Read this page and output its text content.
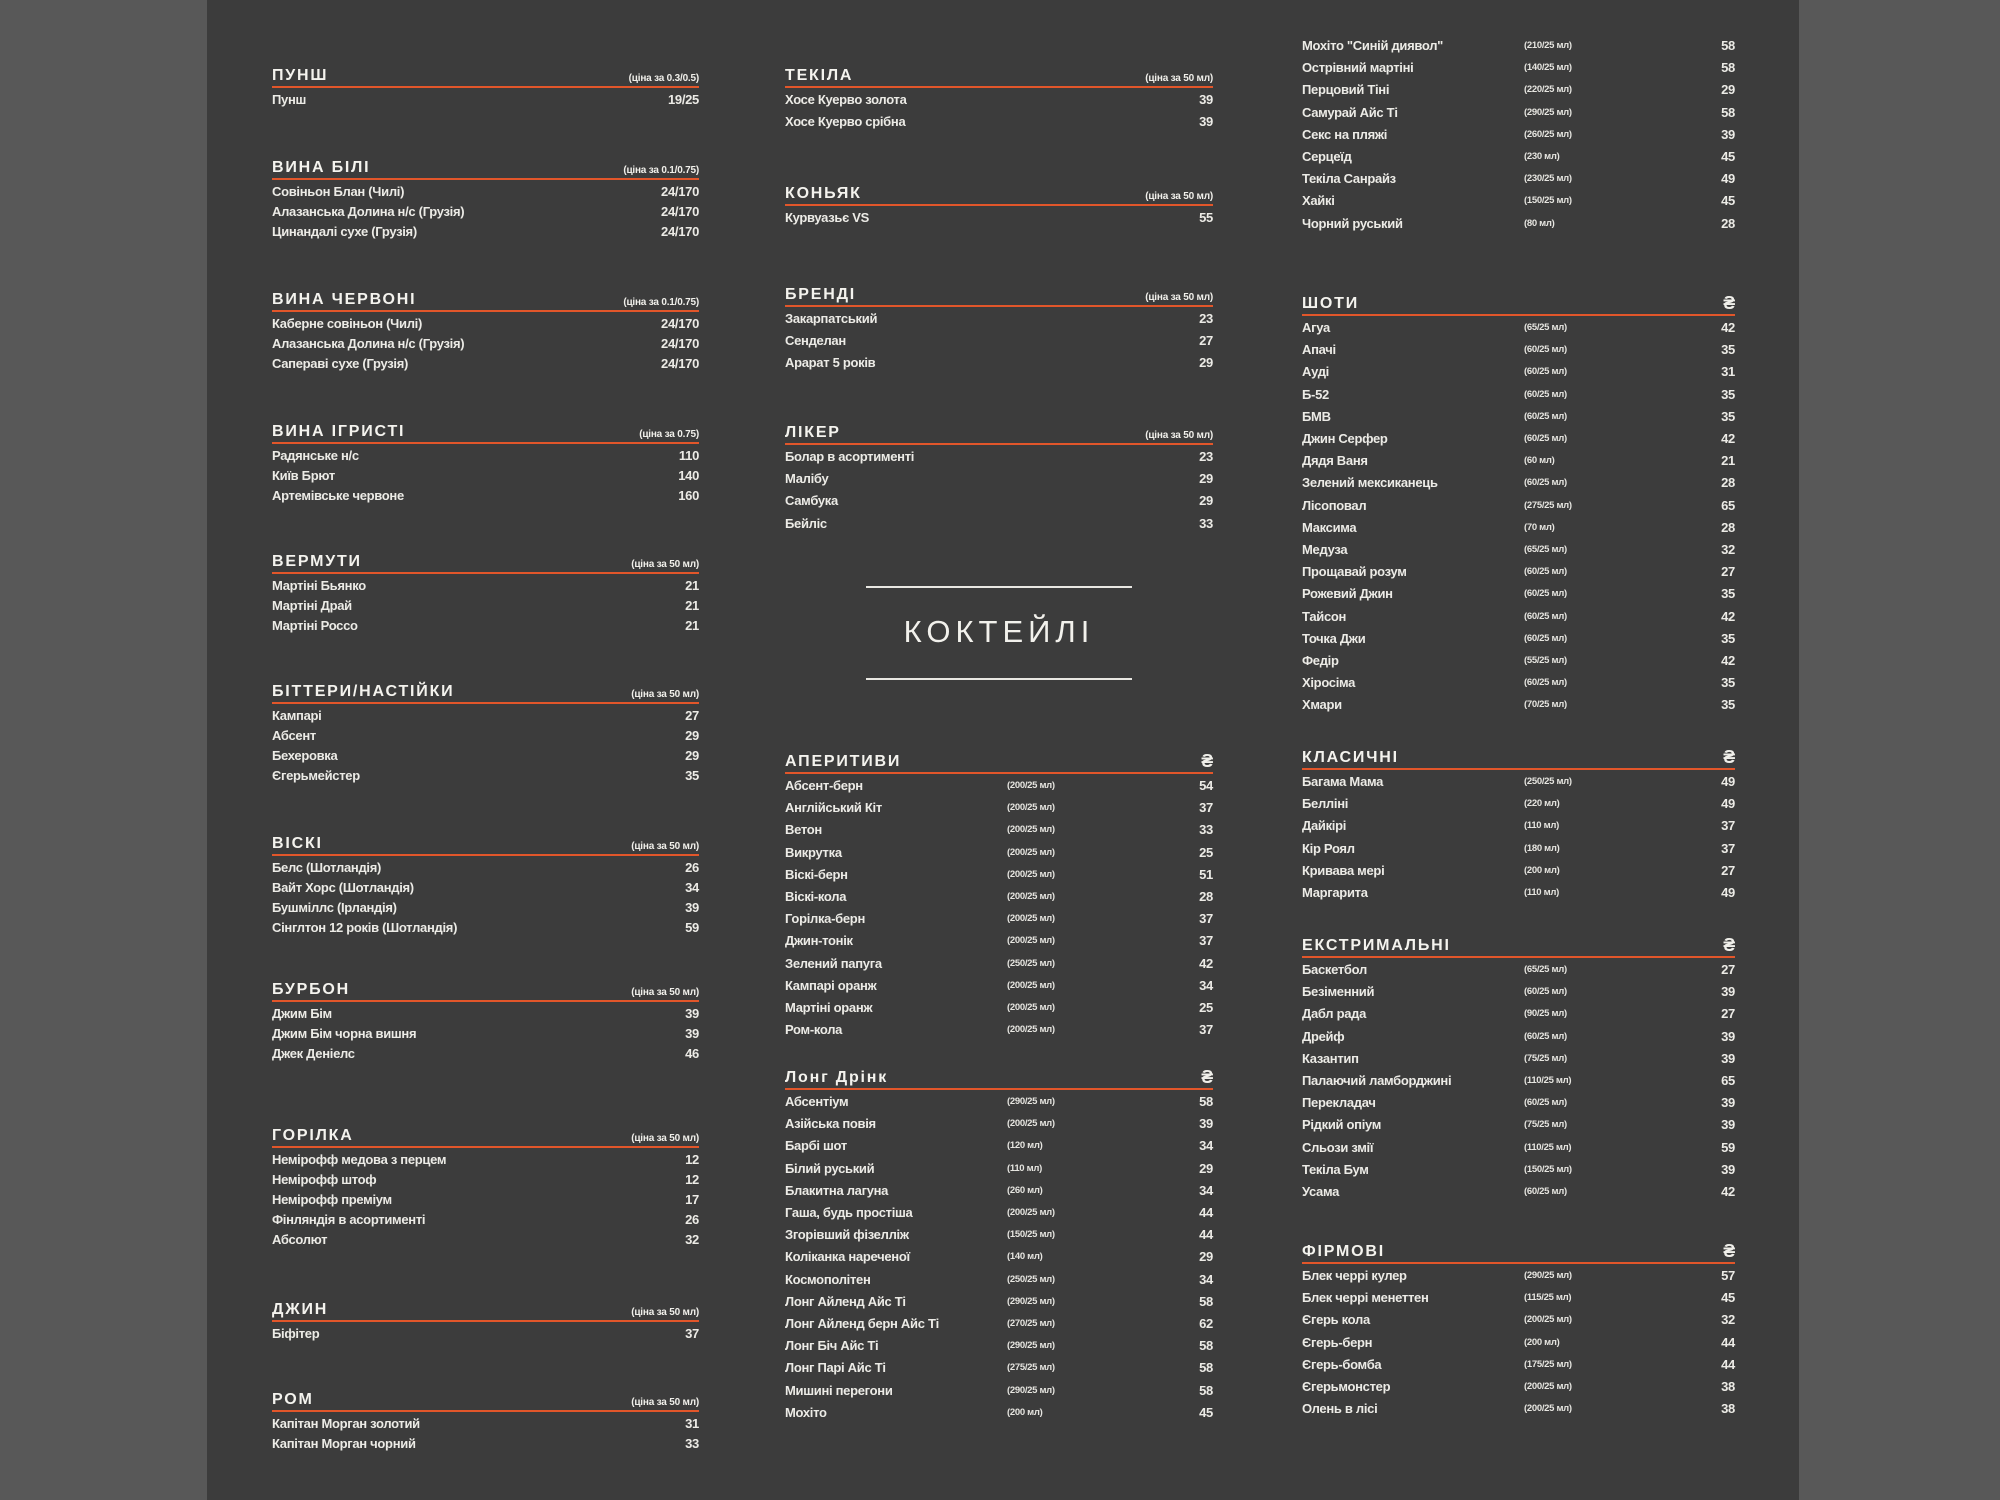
ПУНШ	(ціна за 0.3/0.5)
Пунш	19/25
ВИНА БІЛІ	(ціна за 0.1/0.75)
Совіньон Блан (Чилі)	24/170
Алазанська Долина н/с (Грузія)	24/170
Цинандалі сухе (Грузія)	24/170
ВИНА ЧЕРВОНІ	(ціна за 0.1/0.75)
Каберне совіньон (Чилі)	24/170
Алазанська Долина н/с (Грузія)	24/170
Сапераві сухе (Грузія)	24/170
ВИНА ІГРИСТІ	(ціна за 0.75)
Радянське н/с	110
Київ Брют	140
Артемівське червоне	160
ВЕРМУТИ	(ціна за 50 мл)
Мартіні Бьянко	21
Мартіні Драй	21
Мартіні Россо	21
БІТТЕРИ/НАСТІЙКИ	(ціна за 50 мл)
Кампарі	27
Абсент	29
Бехеровка	29
Єгерьмейстер	35
ВІСКІ	(ціна за 50 мл)
Белс (Шотландія)	26
Вайт Хорс (Шотландія)	34
Бушміллс (Ірландія)	39
Сінглтон 12 років (Шотландія)	59
БУРБОН	(ціна за 50 мл)
Джим Бім	39
Джим Бім чорна вишня	39
Джек Деніелс	46
ГОРІЛКА	(ціна за 50 мл)
Немірофф медова з перцем	12
Немірофф штоф	12
Немірофф преміум	17
Фінляндія в асортименті	26
Абсолют	32
ДЖИН	(ціна за 50 мл)
Біфітер	37
РОМ	(ціна за 50 мл)
Капітан Морган золотий	31
Капітан Морган чорний	33
ТЕКІЛА	(ціна за 50 мл)
Хосе Куерво золота	39
Хосе Куерво срібна	39
КОНЬЯК	(ціна за 50 мл)
Курвуазьє VS	55
БРЕНДІ	(ціна за 50 мл)
Закарпатський	23
Сенделан	27
Арарат 5 років	29
ЛІКЕР	(ціна за 50 мл)
Болар в асортименті	23
Малібу	29
Самбука	29
Бейліс	33
АПЕРИТИВИ	₴
Абсент-берн	(200/25 мл)	54
Англійський Кіт	(200/25 мл)	37
Ветон	(200/25 мл)	33
Викрутка	(200/25 мл)	25
Віскі-берн	(200/25 мл)	51
Віскі-кола	(200/25 мл)	28
Горілка-берн	(200/25 мл)	37
Джин-тонік	(200/25 мл)	37
Зелений папуга	(250/25 мл)	42
Кампарі оранж	(200/25 мл)	34
Мартіні оранж	(200/25 мл)	25
Ром-кола	(200/25 мл)	37
Лонг Дрінк	₴
Абсентіум	(290/25 мл)	58
Азійська повія	(200/25 мл)	39
Барбі шот	(120 мл)	34
Білий руський	(110 мл)	29
Блакитна лагуна	(260 мл)	34
Гаша, будь простіша	(200/25 мл)	44
Згорівший фізелліж	(150/25 мл)	44
Коліканка нареченої	(140 мл)	29
Космополітен	(250/25 мл)	34
Лонг Айленд Айс Ті	(290/25 мл)	58
Лонг Айленд берн Айс Ті	(270/25 мл)	62
Лонг Біч Айс Ті	(290/25 мл)	58
Лонг Парі Айс Ті	(275/25 мл)	58
Мишині перегони	(290/25 мл)	58
Мохіто	(200 мл)	45
Мохіто "Синій диявол"	(210/25 мл)	58
Острівний мартіні	(140/25 мл)	58
Перцовий Тіні	(220/25 мл)	29
Самурай Айс Ті	(290/25 мл)	58
Секс на пляжі	(260/25 мл)	39
Серцеїд	(230 мл)	45
Текіла Санрайз	(230/25 мл)	49
Хайкі	(150/25 мл)	45
Чорний руський	(80 мл)	28
ШОТИ	₴
Агуа	(65/25 мл)	42
Апачі	(60/25 мл)	35
Ауді	(60/25 мл)	31
Б-52	(60/25 мл)	35
БМВ	(60/25 мл)	35
Джин Серфер	(60/25 мл)	42
Дядя Ваня	(60 мл)	21
Зелений мексиканець	(60/25 мл)	28
Лісоповал	(275/25 мл)	65
Максима	(70 мл)	28
Медуза	(65/25 мл)	32
Прощавай розум	(60/25 мл)	27
Рожевий Джин	(60/25 мл)	35
Тайсон	(60/25 мл)	42
Точка Джи	(60/25 мл)	35
Федір	(55/25 мл)	42
Хіросіма	(60/25 мл)	35
Хмари	(70/25 мл)	35
КЛАСИЧНІ	₴
Багама Мама	(250/25 мл)	49
Белліні	(220 мл)	49
Дайкірі	(110 мл)	37
Кір Роял	(180 мл)	37
Кривава мері	(200 мл)	27
Маргарита	(110 мл)	49
ЕКСТРИМАЛЬНІ	₴
Баскетбол	(65/25 мл)	27
Безіменний	(60/25 мл)	39
Дабл рада	(90/25 мл)	27
Дрейф	(60/25 мл)	39
Казантип	(75/25 мл)	39
Палаючий ламборджині	(110/25 мл)	65
Перекладач	(60/25 мл)	39
Рідкий опіум	(75/25 мл)	39
Сльози змії	(110/25 мл)	59
Текіла Бум	(150/25 мл)	39
Усама	(60/25 мл)	42
ФІРМОВІ	₴
Блек черрі кулер	(290/25 мл)	57
Блек черрі менеттен	(115/25 мл)	45
Єгерь кола	(200/25 мл)	32
Єгерь-берн	(200 мл)	44
Єгерь-бомба	(175/25 мл)	44
Єгерьмонстер	(200/25 мл)	38
Олень в лісі	(200/25 мл)	38
КОКТЕЙЛІ
